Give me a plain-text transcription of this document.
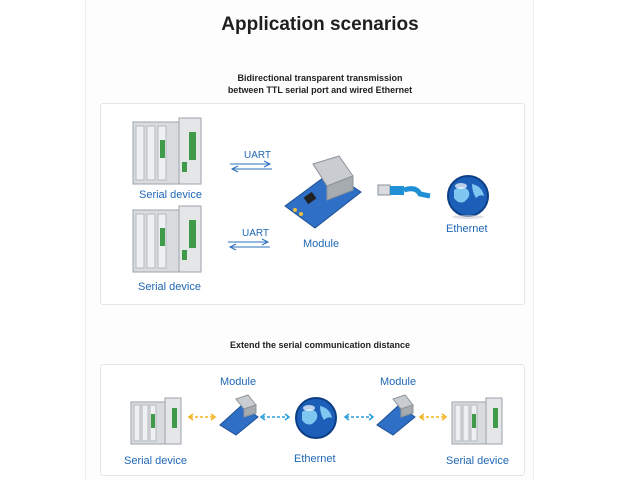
Application scenarios
Bidirectional transparent transmission
between TTL serial port and wired Ethernet
Serial device
Serial device
UART
UART
Module
Ethernet
Extend the serial communication distance
Serial device
Module
Ethernet
Module
Serial device
